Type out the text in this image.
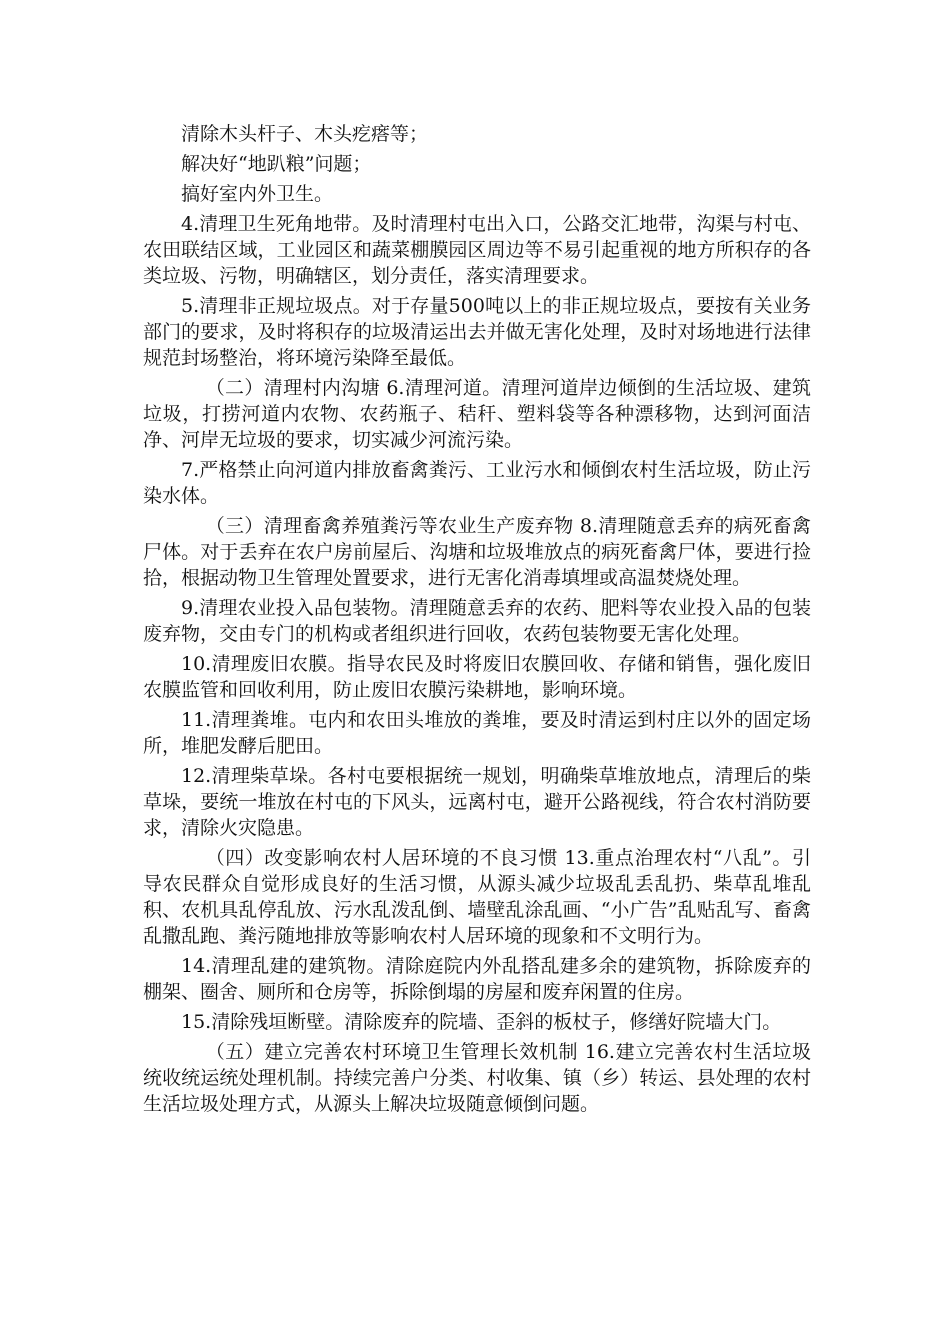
清除木头杆子、木头疙瘩等；

解决好“地趴粮”问题；

搞好室内外卫生。

4.清理卫生死角地带。及时清理村屯出入口，公路交汇地带，沟渠与村屯、农田联结区域，工业园区和蔬菜棚膜园区周边等不易引起重视的地方所积存的各类垃圾、污物，明确辖区，划分责任，落实清理要求。

5.清理非正规垃圾点。对于存量500吨以上的非正规垃圾点，要按有关业务部门的要求，及时将积存的垃圾清运出去并做无害化处理，及时对场地进行法律规范封场整治，将环境污染降至最低。

（二）清理村内沟塘 6.清理河道。清理河道岸边倾倒的生活垃圾、建筑垃圾，打捞河道内农物、农药瓶子、秸秆、塑料袋等各种漂移物，达到河面洁净、河岸无垃圾的要求，切实减少河流污染。

7.严格禁止向河道内排放畜禽粪污、工业污水和倾倒农村生活垃圾，防止污染水体。

（三）清理畜禽养殖粪污等农业生产废弃物 8.清理随意丢弃的病死畜禽尸体。对于丢弃在农户房前屋后、沟塘和垃圾堆放点的病死畜禽尸体，要进行捡拾，根据动物卫生管理处置要求，进行无害化消毒填埋或高温焚烧处理。

9.清理农业投入品包装物。清理随意丢弃的农药、肥料等农业投入品的包装废弃物，交由专门的机构或者组织进行回收，农药包装物要无害化处理。

10.清理废旧农膜。指导农民及时将废旧农膜回收、存储和销售，强化废旧农膜监管和回收利用，防止废旧农膜污染耕地，影响环境。

11.清理粪堆。屯内和农田头堆放的粪堆，要及时清运到村庄以外的固定场所，堆肥发酵后肥田。

12.清理柴草垛。各村屯要根据统一规划，明确柴草堆放地点，清理后的柴草垛，要统一堆放在村屯的下风头，远离村屯，避开公路视线，符合农村消防要求，清除火灾隐患。

（四）改变影响农村人居环境的不良习惯 13.重点治理农村“八乱”。引导农民群众自觉形成良好的生活习惯，从源头减少垃圾乱丢乱扔、柴草乱堆乱积、农机具乱停乱放、污水乱泼乱倒、墙壁乱涂乱画、“小广告”乱贴乱写、畜禽乱撒乱跑、粪污随地排放等影响农村人居环境的现象和不文明行为。

14.清理乱建的建筑物。清除庭院内外乱搭乱建多余的建筑物，拆除废弃的棚架、圈舍、厕所和仓房等，拆除倒塌的房屋和废弃闲置的住房。

15.清除残垣断壁。清除废弃的院墙、歪斜的板杖子，修缮好院墙大门。

（五）建立完善农村环境卫生管理长效机制 16.建立完善农村生活垃圾统收统运统处理机制。持续完善户分类、村收集、镇（乡）转运、县处理的农村生活垃圾处理方式，从源头上解决垃圾随意倾倒问题。
